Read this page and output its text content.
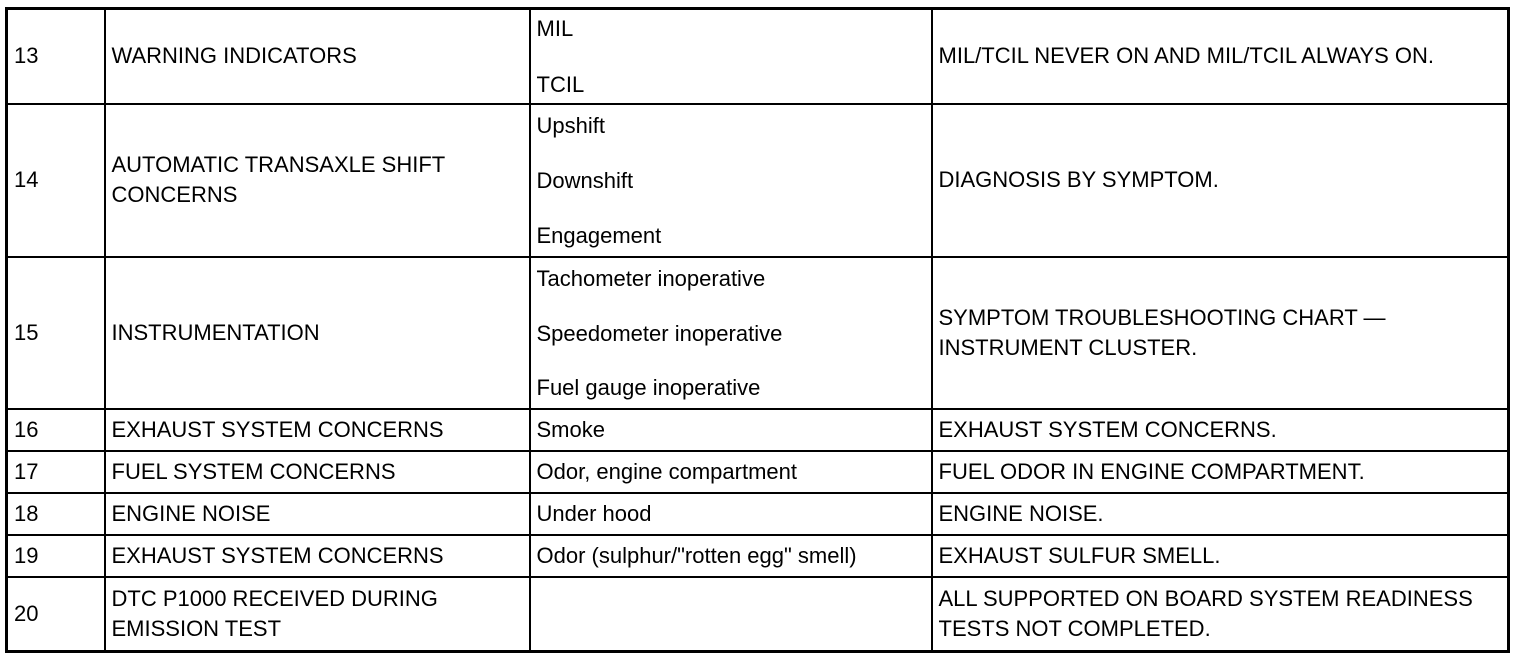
13	WARNING INDICATORS	MIL
TCIL	MIL/TCIL NEVER ON AND MIL/TCIL ALWAYS ON.
14	AUTOMATIC TRANSAXLE SHIFT CONCERNS	Upshift
Downshift
Engagement	DIAGNOSIS BY SYMPTOM.
15	INSTRUMENTATION	Tachometer inoperative
Speedometer inoperative
Fuel gauge inoperative	SYMPTOM TROUBLESHOOTING CHART — INSTRUMENT CLUSTER.
16	EXHAUST SYSTEM CONCERNS	Smoke	EXHAUST SYSTEM CONCERNS.
17	FUEL SYSTEM CONCERNS	Odor, engine compartment	FUEL ODOR IN ENGINE COMPARTMENT.
18	ENGINE NOISE	Under hood	ENGINE NOISE.
19	EXHAUST SYSTEM CONCERNS	Odor (sulphur/"rotten egg" smell)	EXHAUST SULFUR SMELL.
20	DTC P1000 RECEIVED DURING EMISSION TEST		ALL SUPPORTED ON BOARD SYSTEM READINESS TESTS NOT COMPLETED.
